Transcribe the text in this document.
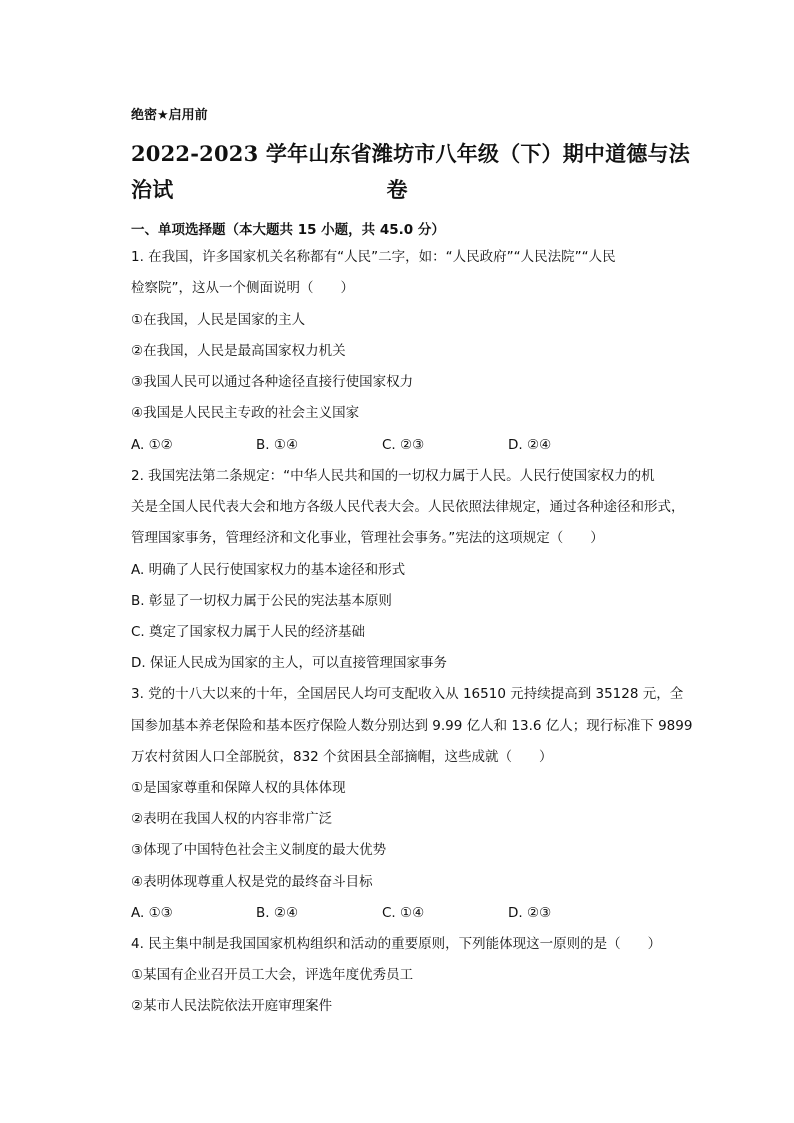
绝密★启用前
2022-2023 学年山东省潍坊市八年级（下）期中道德与法治试	卷
一、单项选择题（本大题共 15 小题，共 45.0 分）
1. 在我国，许多国家机关名称都有“人民”二字，如：“人民政府”“人民法院”“人民
检察院”，这从一个侧面说明（　　）
①在我国，人民是国家的主人
②在我国，人民是最高国家权力机关
③我国人民可以通过各种途径直接行使国家权力
④我国是人民民主专政的社会主义国家
A. ①②	B. ①④	C. ②③	D. ②④
2. 我国宪法第二条规定：“中华人民共和国的一切权力属于人民。人民行使国家权力的机
关是全国人民代表大会和地方各级人民代表大会。人民依照法律规定，通过各种途径和形式，
管理国家事务，管理经济和文化事业，管理社会事务。”宪法的这项规定（　　）
A. 明确了人民行使国家权力的基本途径和形式
B. 彰显了一切权力属于公民的宪法基本原则
C. 奠定了国家权力属于人民的经济基础
D. 保证人民成为国家的主人，可以直接管理国家事务
3. 党的十八大以来的十年，全国居民人均可支配收入从 16510 元持续提高到 35128 元，全
国参加基本养老保险和基本医疗保险人数分别达到 9.99 亿人和 13.6 亿人；现行标准下 9899
万农村贫困人口全部脱贫，832 个贫困县全部摘帽，这些成就（　　）
①是国家尊重和保障人权的具体体现
②表明在我国人权的内容非常广泛
③体现了中国特色社会主义制度的最大优势
④表明体现尊重人权是党的最终奋斗目标
A. ①③	B. ②④	C. ①④	D. ②③
4. 民主集中制是我国国家机构组织和活动的重要原则，下列能体现这一原则的是（　　）
①某国有企业召开员工大会，评选年度优秀员工
②某市人民法院依法开庭审理案件
